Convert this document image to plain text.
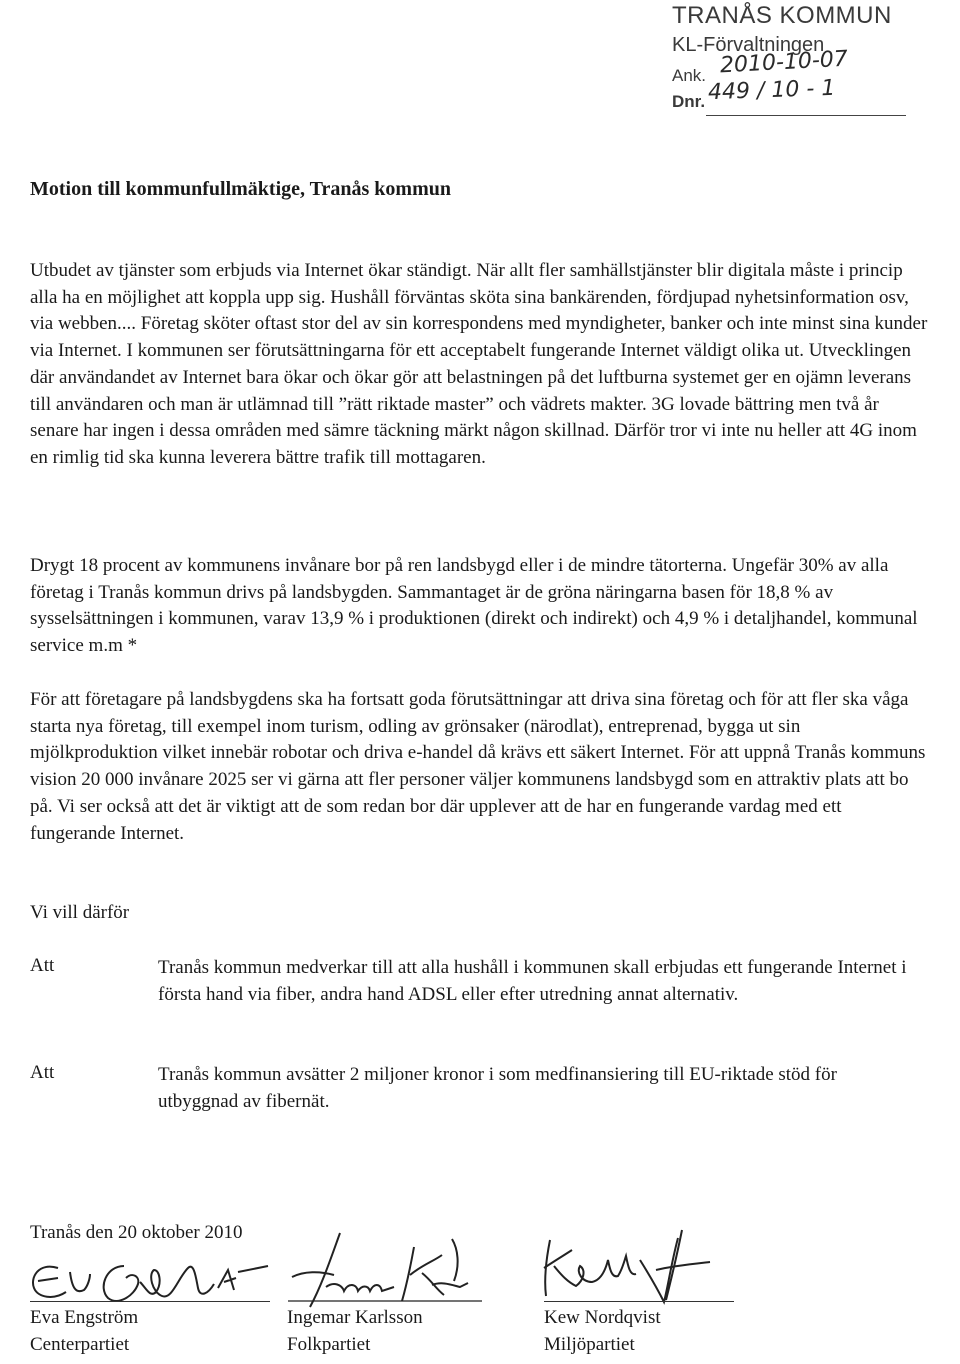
TRANÅS KOMMUN
KL-Förvaltningen
Ank. 2010-10-07
Dnr. 449 / 10 - 1
Motion till kommunfullmäktige, Tranås kommun

Utbudet av tjänster som erbjuds via Internet ökar ständigt. När allt fler samhällstjänster blir digitala måste i princip alla ha en möjlighet att koppla upp sig. Hushåll förväntas sköta sina bankärenden, fördjupad nyhetsinformation osv, via webben.... Företag sköter oftast stor del av sin korrespondens med myndigheter, banker och inte minst sina kunder via Internet. I kommunen ser förutsättningarna för ett acceptabelt fungerande Internet väldigt olika ut. Utvecklingen där användandet av Internet bara ökar och ökar gör att belastningen på det luftburna systemet ger en ojämn leverans till användaren och man är utlämnad till ”rätt riktade master” och vädrets makter. 3G lovade bättring men två år senare har ingen i dessa områden med sämre täckning märkt någon skillnad. Därför tror vi inte nu heller att 4G inom en rimlig tid ska kunna leverera bättre trafik till mottagaren.

Drygt 18 procent av kommunens invånare bor på ren landsbygd eller i de mindre tätorterna. Ungefär 30% av alla företag i Tranås kommun drivs på landsbygden. Sammantaget är de gröna näringarna basen för 18,8 % av sysselsättningen i kommunen, varav 13,9 % i produktionen (direkt och indirekt) och 4,9 % i detaljhandel, kommunal service m.m *

För att företagare på landsbygdens ska ha fortsatt goda förutsättningar att driva sina företag och för att fler ska våga starta nya företag, till exempel inom turism, odling av grönsaker (närodlat), entreprenad, bygga ut sin mjölkproduktion vilket innebär robotar och driva e-handel då krävs ett säkert Internet. För att uppnå Tranås kommuns vision 20 000 invånare 2025 ser vi gärna att fler personer väljer kommunens landsbygd som en attraktiv plats att bo på. Vi ser också att det är viktigt att de som redan bor där upplever att de har en fungerande vardag med ett fungerande Internet.

Vi vill därför

Att	Tranås kommun medverkar till att alla hushåll i kommunen skall erbjudas ett fungerande Internet i första hand via fiber, andra hand ADSL eller efter utredning annat alternativ.
Att	Tranås kommun avsätter 2 miljoner kronor i som medfinansiering till EU-riktade stöd för utbyggnad av fibernät.
Tranås den 20 oktober 2010
Eva Engström
Centerpartiet
Ingemar Karlsson
Folkpartiet
Kew Nordqvist
Miljöpartiet
